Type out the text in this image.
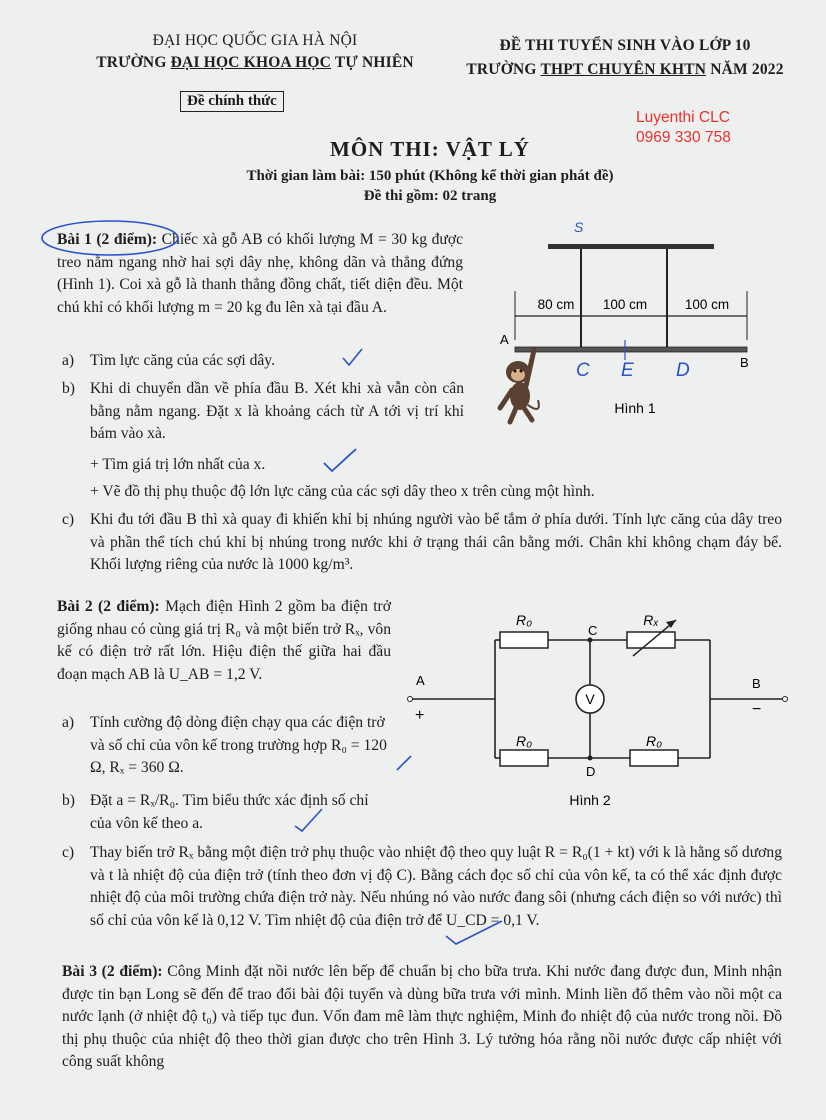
ĐẠI HỌC QUỐC GIA HÀ NỘI
TRƯỜNG ĐẠI HỌC KHOA HỌC TỰ NHIÊN
ĐỀ THI TUYỂN SINH VÀO LỚP 10
TRƯỜNG THPT CHUYÊN KHTN NĂM 2022
Đề chính thức
Luyenthi CLC
0969 330 758
MÔN THI: VẬT LÝ
Thời gian làm bài: 150 phút (Không kể thời gian phát đề)
Đề thi gồm: 02 trang
Bài 1 (2 điểm): Chiếc xà gỗ AB có khối lượng M = 30 kg được treo nằm ngang nhờ hai sợi dây nhẹ, không dãn và thẳng đứng (Hình 1). Coi xà gỗ là thanh thẳng đồng chất, tiết diện đều. Một chú khỉ có khối lượng m = 20 kg đu lên xà tại đầu A.
a) Tìm lực căng của các sợi dây.
b) Khi di chuyển dần về phía đầu B. Xét khi xà vẫn còn cân bằng nằm ngang. Đặt x là khoảng cách từ A tới vị trí khỉ bám vào xà.
+ Tìm giá trị lớn nhất của x.
+ Vẽ đồ thị phụ thuộc độ lớn lực căng của các sợi dây theo x trên cùng một hình.
c)	Khi đu tới đầu B thì xà quay đi khiến khỉ bị nhúng người vào bể tắm ở phía dưới. Tính lực căng của dây treo và phần thể tích chú khỉ bị nhúng trong nước khi ở trạng thái cân bằng mới. Chân khỉ không chạm đáy bể. Khối lượng riêng của nước là 1000 kg/m³.
80 cm 100 cm	100 cm
A
B
S
C E D
Hình 1
Bài 2 (2 điểm): Mạch điện Hình 2 gồm ba điện trở giống nhau có cùng giá trị R₀ và một biến trở Rₓ, vôn kế có điện trở rất lớn. Hiệu điện thế giữa hai đầu đoạn mạch AB là U_AB = 1,2 V.
a)	Tính cường độ dòng điện chạy qua các điện trở và số chỉ của vôn kế trong trường hợp R₀ = 120 Ω, Rₓ = 360 Ω.
b) Đặt a = Rₓ/R₀. Tìm biểu thức xác định số chỉ của vôn kế theo a.
c)	Thay biến trở Rₓ bằng một điện trở phụ thuộc vào nhiệt độ theo quy luật R = R₀(1 + kt) với k là hằng số dương và t là nhiệt độ của điện trở (tính theo đơn vị độ C). Bằng cách đọc số chỉ của vôn kế, ta có thể xác định được nhiệt độ của môi trường chứa điện trở này. Nếu nhúng nó vào nước đang sôi (nhưng cách điện so với nước) thì số chỉ của vôn kế là 0,12 V. Tìm nhiệt độ của điện trở để U_CD = 0,1 V.
V
R₀	Rₓ
R₀	R₀
C
D
A
+
B
−
Hình 2
Bài 3 (2 điểm): Công Minh đặt nồi nước lên bếp để chuẩn bị cho bữa trưa. Khi nước đang được đun, Minh nhận được tin bạn Long sẽ đến để trao đổi bài đội tuyển và dùng bữa trưa với mình. Minh liền đổ thêm vào nồi một ca nước lạnh (ở nhiệt độ t₀) và tiếp tục đun. Vốn đam mê làm thực nghiệm, Minh đo nhiệt độ của nước trong nồi. Đồ thị phụ thuộc của nhiệt độ theo thời gian được cho trên Hình 3. Lý tưởng hóa rằng nồi nước được cấp nhiệt với công suất không
